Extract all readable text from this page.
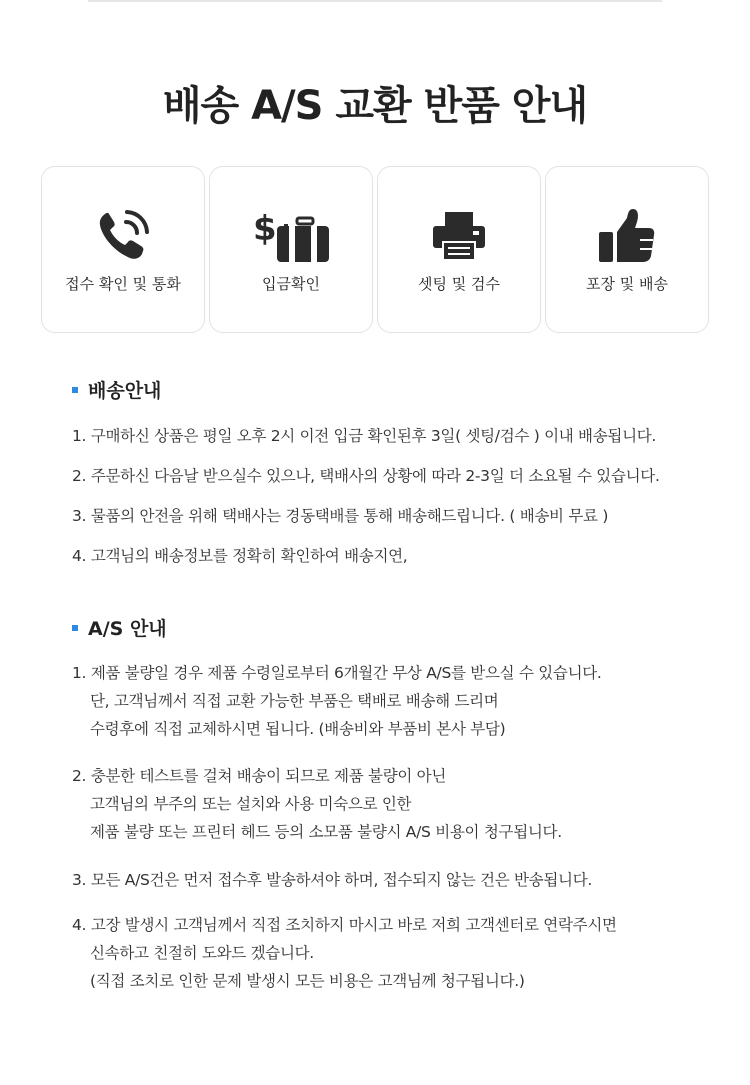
배송 A/S 교환 반품 안내
접수 확인 및 통화
$
입금확인	셋팅 및 검수	포장 및 배송
배송안내
1. 구매하신 상품은 평일 오후 2시 이전 입금 확인된후 3일( 셋팅/검수 ) 이내 배송됩니다.
2. 주문하신 다음날 받으실수 있으나, 택배사의 상황에 따라 2-3일 더 소요될 수 있습니다.
3. 물품의 안전을 위해 택배사는 경동택배를 통해 배송해드립니다. ( 배송비 무료 )
4. 고객님의 배송정보를 정확히 확인하여 배송지연,
A/S 안내
1. 제품 불량일 경우 제품 수령일로부터 6개월간 무상 A/S를 받으실 수 있습니다.
단, 고객님께서 직접 교환 가능한 부품은 택배로 배송해 드리며
수령후에 직접 교체하시면 됩니다. (배송비와 부품비 본사 부담)
2. 충분한 테스트를 걸쳐 배송이 되므로 제품 불량이 아닌
고객님의 부주의 또는 설치와 사용 미숙으로 인한
제품 불량 또는 프린터 헤드 등의 소모품 불량시 A/S 비용이 청구됩니다.
3. 모든 A/S건은 먼저 접수후 발송하셔야 하며, 접수되지 않는 건은 반송됩니다.
4. 고장 발생시 고객님께서 직접 조치하지 마시고 바로 저희 고객센터로 연락주시면
신속하고 친절히 도와드 겠습니다.
(직접 조치로 인한 문제 발생시 모든 비용은 고객님께 청구됩니다.)
